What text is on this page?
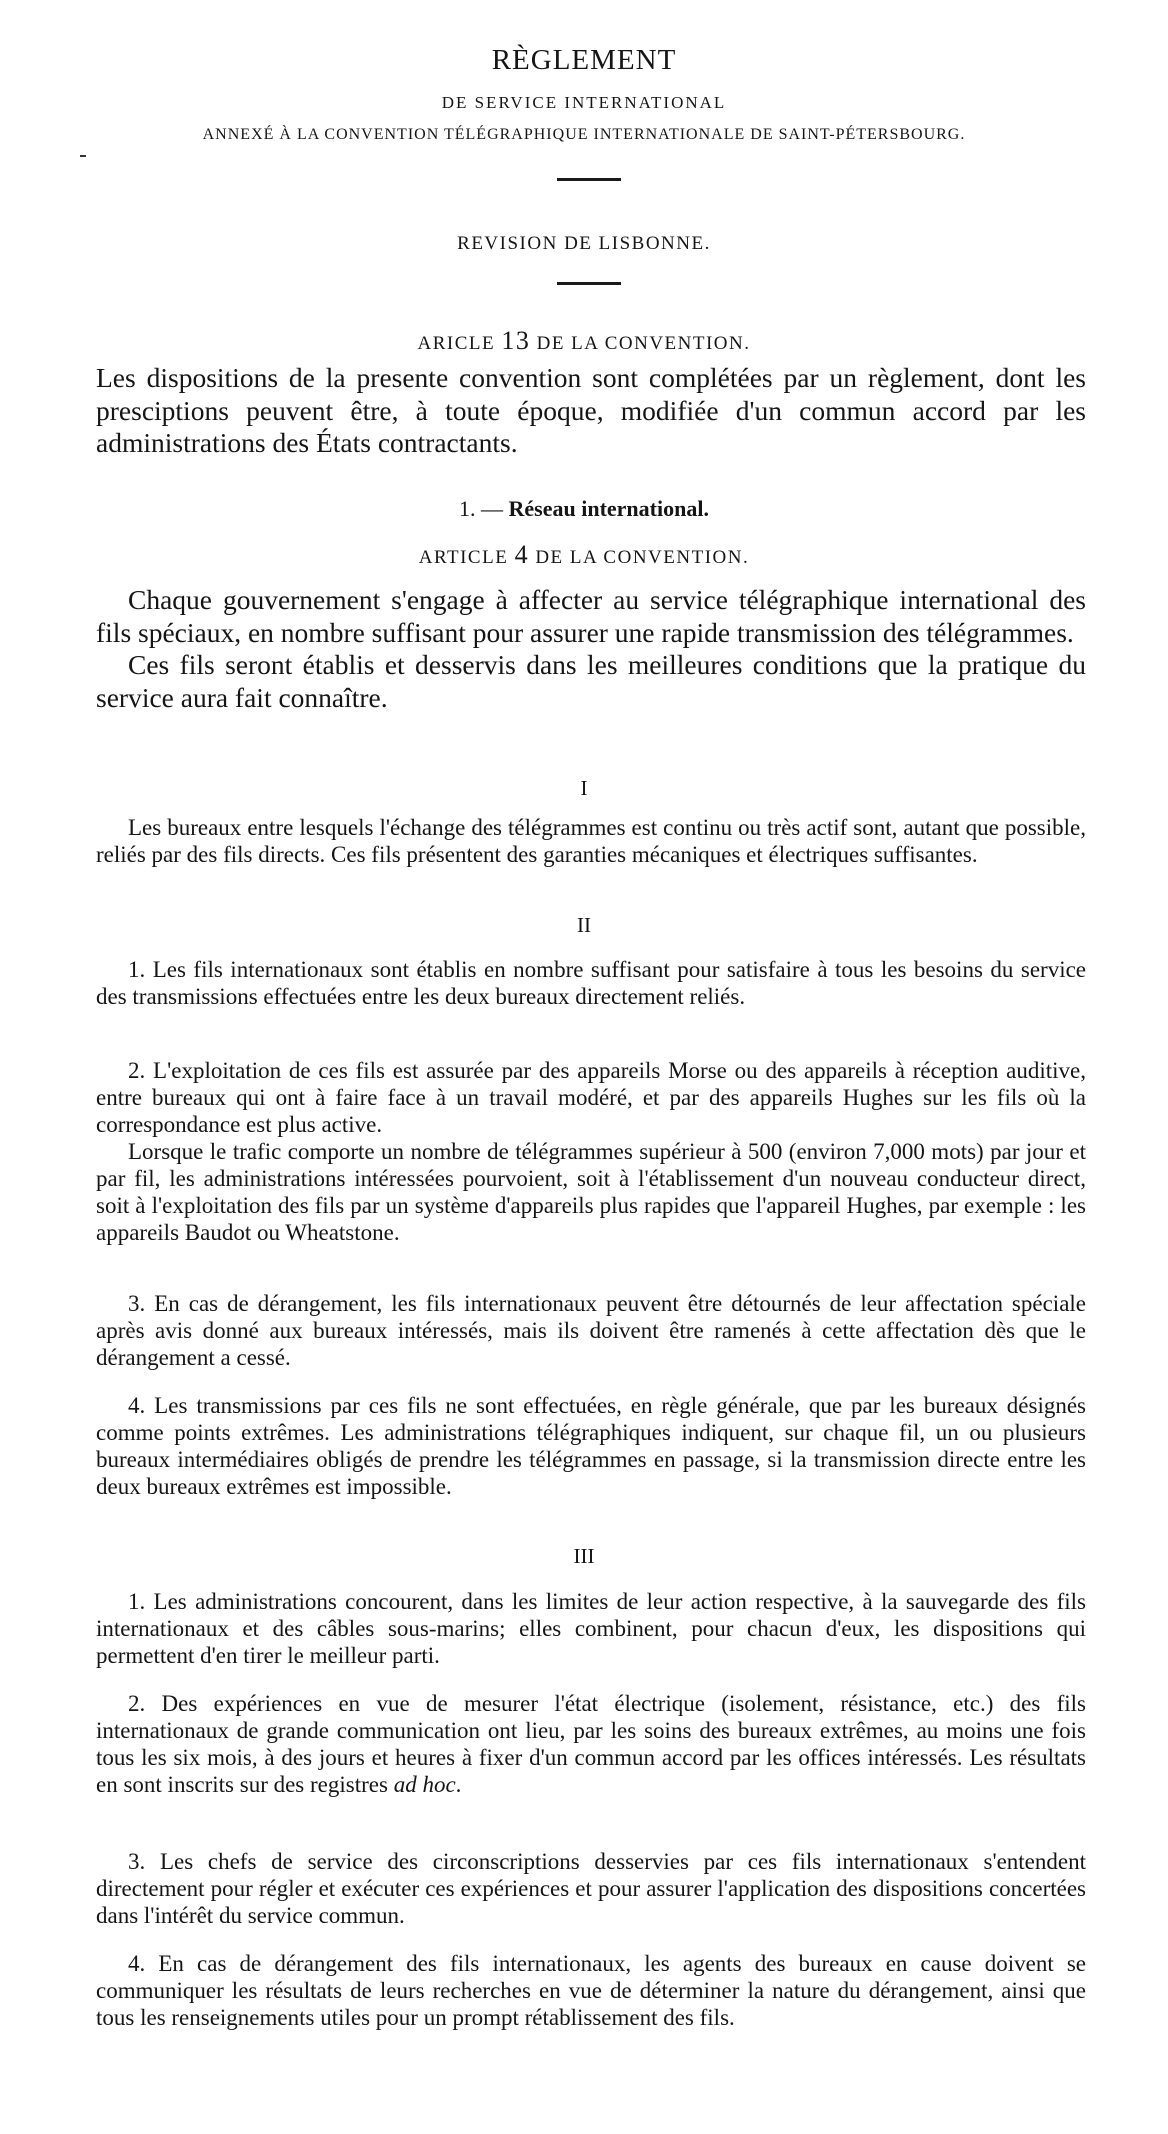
RÈGLEMENT
DE SERVICE INTERNATIONAL
ANNEXÉ À LA CONVENTION TÉLÉGRAPHIQUE INTERNATIONALE DE SAINT-PÉTERSBOURG.
REVISION DE LISBONNE.
ARICLE 13 DE LA CONVENTION.

Les dispositions de la presente convention sont complétées par un règlement, dont les presciptions peuvent être, à toute époque, modifiée d'un commun accord par les administrations des États contractants.

1. — Réseau international.
ARTICLE 4 DE LA CONVENTION.

Chaque gouvernement s'engage à affecter au service télégraphique international des fils spéciaux, en nombre suffisant pour assurer une rapide transmission des télégrammes.

Ces fils seront établis et desservis dans les meilleures conditions que la pratique du service aura fait connaître.

I

Les bureaux entre lesquels l'échange des télégrammes est continu ou très actif sont, autant que possible, reliés par des fils directs. Ces fils présentent des garanties mécaniques et électriques suffisantes.

II

1. Les fils internationaux sont établis en nombre suffisant pour satisfaire à tous les besoins du service des transmissions effectuées entre les deux bureaux directement reliés.

2. L'exploitation de ces fils est assurée par des appareils Morse ou des appareils à réception auditive, entre bureaux qui ont à faire face à un travail modéré, et par des appareils Hughes sur les fils où la correspondance est plus active.

Lorsque le trafic comporte un nombre de télégrammes supérieur à 500 (environ 7,000 mots) par jour et par fil, les administrations intéressées pourvoient, soit à l'établissement d'un nouveau conducteur direct, soit à l'exploitation des fils par un système d'appareils plus rapides que l'appareil Hughes, par exemple : les appareils Baudot ou Wheatstone.

3. En cas de dérangement, les fils internationaux peuvent être détournés de leur affectation spéciale après avis donné aux bureaux intéressés, mais ils doivent être ramenés à cette affectation dès que le dérangement a cessé.

4. Les transmissions par ces fils ne sont effectuées, en règle générale, que par les bureaux désignés comme points extrêmes. Les administrations télégraphiques indiquent, sur chaque fil, un ou plusieurs bureaux intermédiaires obligés de prendre les télégrammes en passage, si la transmission directe entre les deux bureaux extrêmes est impossible.

III

1. Les administrations concourent, dans les limites de leur action respective, à la sauvegarde des fils internationaux et des câbles sous-marins; elles combinent, pour chacun d'eux, les dispositions qui permettent d'en tirer le meilleur parti.

2. Des expériences en vue de mesurer l'état électrique (isolement, résistance, etc.) des fils internationaux de grande communication ont lieu, par les soins des bureaux extrêmes, au moins une fois tous les six mois, à des jours et heures à fixer d'un commun accord par les offices intéressés. Les résultats en sont inscrits sur des registres ad hoc.

3. Les chefs de service des circonscriptions desservies par ces fils internationaux s'entendent directement pour régler et exécuter ces expériences et pour assurer l'application des dispositions concertées dans l'intérêt du service commun.

4. En cas de dérangement des fils internationaux, les agents des bureaux en cause doivent se communiquer les résultats de leurs recherches en vue de déterminer la nature du dérangement, ainsi que tous les renseignements utiles pour un prompt rétablissement des fils.
